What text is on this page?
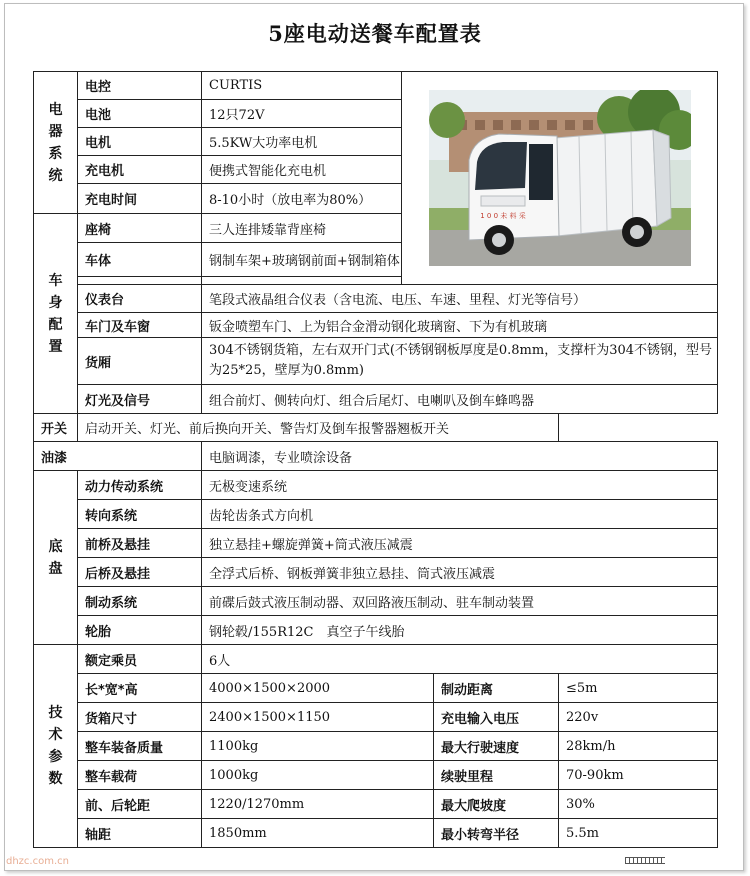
5座电动送餐车配置表
电器系统	电控	CURTIS	1 0 0 未 料 采		

	电池	12只72V			
	电机	5.5KW大功率电机			
	充电机	便携式智能化充电机			
	充电时间	8-10小时（放电率为80%）			
车身配置	座椅	三人连排矮靠背座椅			
	车体	钢制车架+玻璃钢前面+钢制箱体			

	仪表台	笔段式液晶组合仪表（含电流、电压、车速、里程、灯光等信号）			
	车门及车窗	钣金喷塑车门、上为铝合金滑动钢化玻璃窗、下为有机玻璃			
	货厢	304不锈钢货箱，左右双开门式(不锈钢钢板厚度是0.8mm，支撑杆为304不锈钢，型号为25*25，壁厚为0.8mm)			
	灯光及信号	组合前灯、侧转向灯、组合后尾灯、电喇叭及倒车蜂鸣器			
开关	启动开关、灯光、前后换向开关、警告灯及倒车报警器翘板开关				
油漆		电脑调漆，专业喷涂设备			
底盘	动力传动系统	无极变速系统			
	转向系统	齿轮齿条式方向机			
	前桥及悬挂	独立悬挂+螺旋弹簧+筒式液压减震			
	后桥及悬挂	全浮式后桥、钢板弹簧非独立悬挂、筒式液压减震			
	制动系统	前碟后鼓式液压制动器、双回路液压制动、驻车制动装置			
	轮胎	钢轮毂/155R12C　真空子午线胎			
技术参数	额定乘员	6人			
	长*宽*高	4000×1500×2000		制动距离	≤5m
	货箱尺寸	2400×1500×1150		充电输入电压	220v
	整车装备质量	1100kg		最大行驶速度	28km/h
	整车载荷	1000kg		续驶里程	70-90km
	前、后轮距	1220/1270mm		最大爬坡度	30%
	轴距	1850mm		最小转弯半径	5.5m
dhzc.com.cn
